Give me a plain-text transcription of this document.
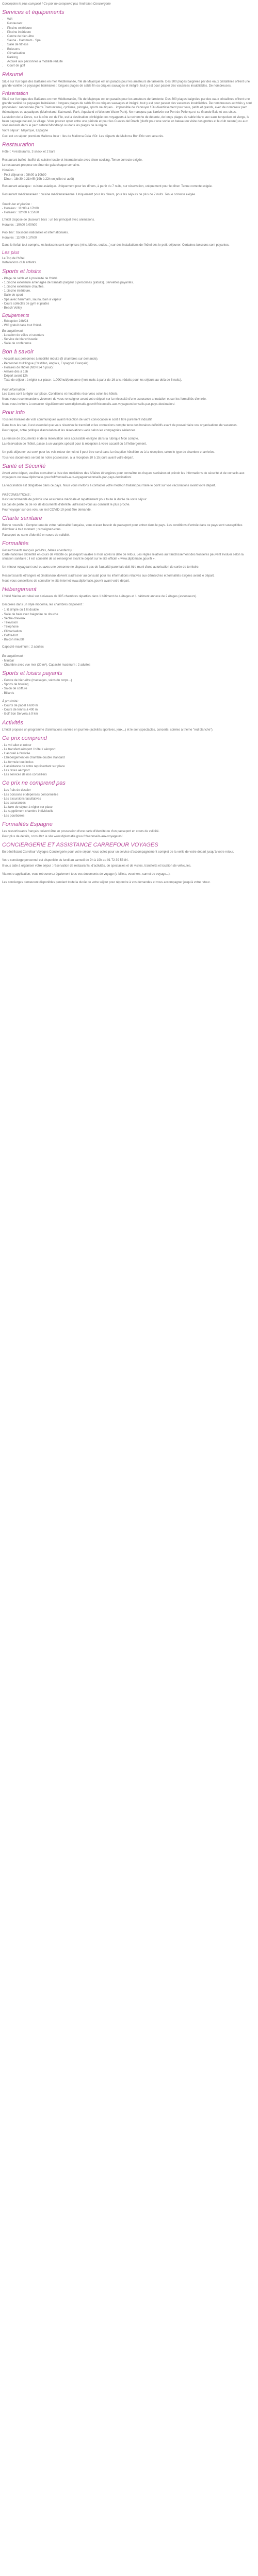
Conception le plus composé ! Ce prix ne comprend pas l'entretien Conciergerie
Services et équipements
• Wifi
• Restaurant
• Piscine extérieure
• Piscine intérieure
• Centre de bien-être
• Sauna · Hammam · Spa
• Salle de fitness
• Boissons
• Climatisation
• Parking
• Accueil aux personnes à mobilité réduite
• Court de golf
Résumé
Situé sur l'un tique des Baléares en mer Méditerranée, l'île de Majorque est un paradis pour les amateurs de farniente. Des 300 plages baignées par des eaux cristallines offrent une grande variété de paysages balnéaires : longues plages de sable fin ou criques sauvages et intégré, tout y est pour passer des vacances inoubliables. De nombreuses.
Présentation
Situé sur l'un tique des Baléares en mer Méditerranée, l'île de Majorque est un paradis pour les amateurs de farniente. Des 300 plages baignées par des eaux cristallines offrent une grande variété de paysages balnéaires : longues plages de sable fin ou criques sauvages et intégré, tout y est pour passer des vacances inoubliables. De nombreuses activités y sont proposées : randonnée (Serra Tramuntana), cyclisme, plongée, sports nautiques... impossible de s'ennuyer ! Du divertissement pour tous, petits et grands, avec de nombreux parc thématiques ou aquatiques (Marineland, Katmandu Park, Aqualand et Western Water Park). Ne manquez pas l'arrivée sur Port de Pollença et sa Grande Baie et ses côtes.
La station de la Cores, sur la côte est de l'île, est la destination privilégiée des voyageurs à la recherche de détente, de longs plages de sable blanc aux eaux turquoises et vierge, le beau paysage naturel, le village. Vous pouvez opter entre une période et pour les Cuevas del Drach (plutôt pour une sortie en bateau ou visite des grottes et le club naturel) ou aux sites naturels dans le parc naturel Mondragó ou dans les plages de la région.
Votre séjour : Majorque, Espagne
Ceci est un séjour premium Mallorca Inter : Iles de Mallorca Cala d'Or. Les départs de Mallorca Bon Prix sont assurés.
Restauration
Hôtel : 4 restaurants, 3 snack et 2 bars
Restaurant buffet : buffet de cuisine locale et internationale avec show cooking. Tenue correcte exigée.
Le restaurant propose un dîner de gala chaque semaine.
Horaires :
- Petit déjeuner : 08h00 à 10h30
- Dîner : 18h30 à 21h45 (19h à 22h en juillet et août)
Restaurant asiatique : cuisine asiatique. Uniquement pour les dîners, à partir du 7 nuits, sur réservation, uniquement pour le dîner. Tenue correcte exigée.
Restaurant méditerranéen : cuisine méditerranéenne. Uniquement pour les dîners, pour les séjours de plus de 7 nuits. Tenue correcte exigée.
Snack bar et piscine :
- Horaires : 11h00 à 17h00
- Horaires : 12h00 à 15h30
L'hôtel dispose de plusieurs bars : un bar principal avec animations.
Horaires : 10h00 à 00h00
Pool bar : boissons nationales et internationales.
Horaires : 11h00 à 17h00
Dans le forfait tout compris, les boissons sont comprises (vins, bières, sodas...) sur des installations de l'hôtel dès le petit-déjeuner. Certaines boissons sont payantes.
Les plus
Le Top de l'hôtel
Installations club enfants.
Sports et loisirs
- Plage de sable et à proximité de l'hôtel.
- 1 piscine extérieure aménagée de transats (largeur 6 personnes gratuits). Serviettes payantes.
- 1 piscine extérieure chauffée.
- 1 piscine intérieure.
- Salle de sport
- Spa avec hammam, sauna, bain à vapeur
- Cours collectifs de gym et pilates
- Beach Volley
Equipements
- Réception 24h/24
- Wifi gratuit dans tout l'hôtel.
En supplément :
- Location de vélos et scooters
- Service de blanchisserie
- Salle de conférence
Bon à savoir
- Accueil aux personnes à mobilité réduite (5 chambres sur demande).
- Personnel multilingue (Castillan, Anglais, Espagnol, Français).
- Horaires de l'hôtel (NON 24 h pour) :
· Arrivée dès à 16h
· Départ avant 12h
- Taxe de séjour : à régler sur place : 1,00€/nuit/personne (hors nuits à partir de 16 ans, réduits pour les séjours au-delà de 8 nuits).
Pour information :
Les taxes sont à régler sur place. Conditions et modalités réservées selon les hôtels.
Nous vous recommandons vivement de vous renseigner avant votre départ sur la nécessité d'une assurance annulation et sur les formalités d'entrée.
Nous vous invitons à consulter régulièrement www.diplomatie.gouv.fr/fr/conseils-aux-voyageurs/conseils-par-pays-destination/.
Pour info
Tous les horaires de vols communiqués avant réception de votre convocation le sont à titre purement indicatif.
Dans tous les cas, il est essentiel que vous réserviez le transfert et les connexions compte tenu des horaires définitifs avant de pouvoir faire vos organisations de vacances.
Pour rappel, notre politique d'annulation et les réservations varie selon les compagnies aériennes.
La remise de documents et de la réservation sera accessible en ligne dans la rubrique Mon compte.
La réservation de l'hôtel, passe à un vrai prix spécial pour la réception à votre accueil ou à l'hébergement.
Un petit-déjeuner est servi pour les vols retour de nuit et il peut être servi dans la réception hôtelière ou à la réception, selon le type de chambre et arrivées.
Tous vos documents seront en notre possession, à la réception 10 à 15 jours avant votre départ.
Santé et Sécurité
Avant votre départ, veuillez consulter la liste des ministères des Affaires étrangères pour connaître les risques sanitaires et prévoir les informations de sécurité et de conseils aux voyageurs ou www.diplomatie.gouv.fr/fr/conseils-aux-voyageurs/conseils-par-pays-destination/.
La vaccination est obligatoire dans ce pays. Nous vous invitons à contacter votre médecin traitant pour faire le point sur vos vaccinations avant votre départ.
PRÉCONISATIONS :
Il est recommandé de prévoir une assurance médicale et rapatriement pour toute la durée de votre séjour.
En cas de perte ou de vol de documents d'identité, adressez-vous au consulat le plus proche.
Pour voyager sur ces vols, un test COVID-19 peut être demandé.
Charte sanitaire
Bonne nouvelle : Compte tenu de votre nationalité française, vous n'avez besoin de passeport pour entrer dans le pays. Les conditions d'entrée dans ce pays sont susceptibles d'évoluer à tout moment ; renseignez-vous.
Passeport ou carte d'identité en cours de validité.
Formalités
Ressortissants français (adultes, bébés et enfants) :
Carte nationale d'identité en cours de validité ou passeport valable 6 mois après la date de retour. Les règles relatives au franchissement des frontières peuvent évoluer selon la situation sanitaire ; il est conseillé de se renseigner avant le départ sur le site officiel « www.diplomatie.gouv.fr ».
Un mineur voyageant seul ou avec une personne ne disposant pas de l'autorité parentale doit être muni d'une autorisation de sortie de territoire.
Ressortissants étrangers et binationaux doivent s'adresser au consulat pour les informations relatives aux démarches et formalités exigées avant le départ.
Nous vous conseillons de consulter le site internet www.diplomatie.gouv.fr avant votre départ.
Hébergement
L'hôtel Marina est situé sur 4 niveaux de 395 chambres réparties dans 1 bâtiment de 4 étages et 1 bâtiment annexe de 2 étages (ascenseurs).
Décorées dans un style moderne, les chambres disposent :
- 1 lit simple ou 1 lit double
- Salle de bain avec baignoire ou douche
- Sèche-cheveux
- Télévision
- Téléphone
- Climatisation
- Coffre-fort
- Balcon meublé
Capacité maximum : 2 adultes
En supplément :
- Minibar
- Chambre avec vue mer (30 m²), Capacité maximum : 2 adultes
Sports et loisirs payants
- Centre de bien-être (massages, soins du corps...)
- Sports de bowling
- Salon de coiffure
- Billards
À proximité :
- Courts de padel à 600 m
- Cours de tennis à 400 m
- Golf Son Servera à 9 km
Activités
L'hôtel propose un programme d'animations variées en journée (activités sportives, jeux...) et le soir (spectacles, concerts, soirées à thème "red blanche").
Ce prix comprend
- Le vol aller et retour
- Le transfert aéroport / hôtel / aéroport
- L'accueil à l'arrivée
- L'hébergement en chambre double standard
- La formule tout inclus
- L'assistance de notre représentant sur place
- Les taxes aéroport
- Les services de nos conseillers
Ce prix ne comprend pas
- Les frais de dossier
- Les boissons et dépenses personnelles
- Les excursions facultatives
- Les assurances
- La taxe de séjour à régler sur place
- Le supplément chambre individuelle
- Les pourboires
Formalités Espagne
Les ressortissants français doivent être en possession d'une carte d'identité ou d'un passeport en cours de validité.
Pour plus de détails, consultez le site www.diplomatie.gouv.fr/fr/conseils-aux-voyageurs/.
CONCIERGERIE ET ASSISTANCE CARREFOUR VOYAGES
En bénéficiant Carrefour Voyages Conciergerie pour votre séjour, vous optez pour un service d'accompagnement complet de la veille de votre départ jusqu'à votre retour.
Votre concierge personnel est disponible du lundi au samedi de 9h à 19h au 01 72 39 53 84.
Il vous aide à organiser votre séjour : réservation de restaurants, d'activités, de spectacles et de visites, transferts et location de véhicules.
Via notre application, vous retrouverez également tous vos documents de voyage (e-billets, vouchers, carnet de voyage...).
Les concierges demeurent disponibles pendant toute la durée de votre séjour pour répondre à vos demandes et vous accompagner jusqu'à votre retour.
